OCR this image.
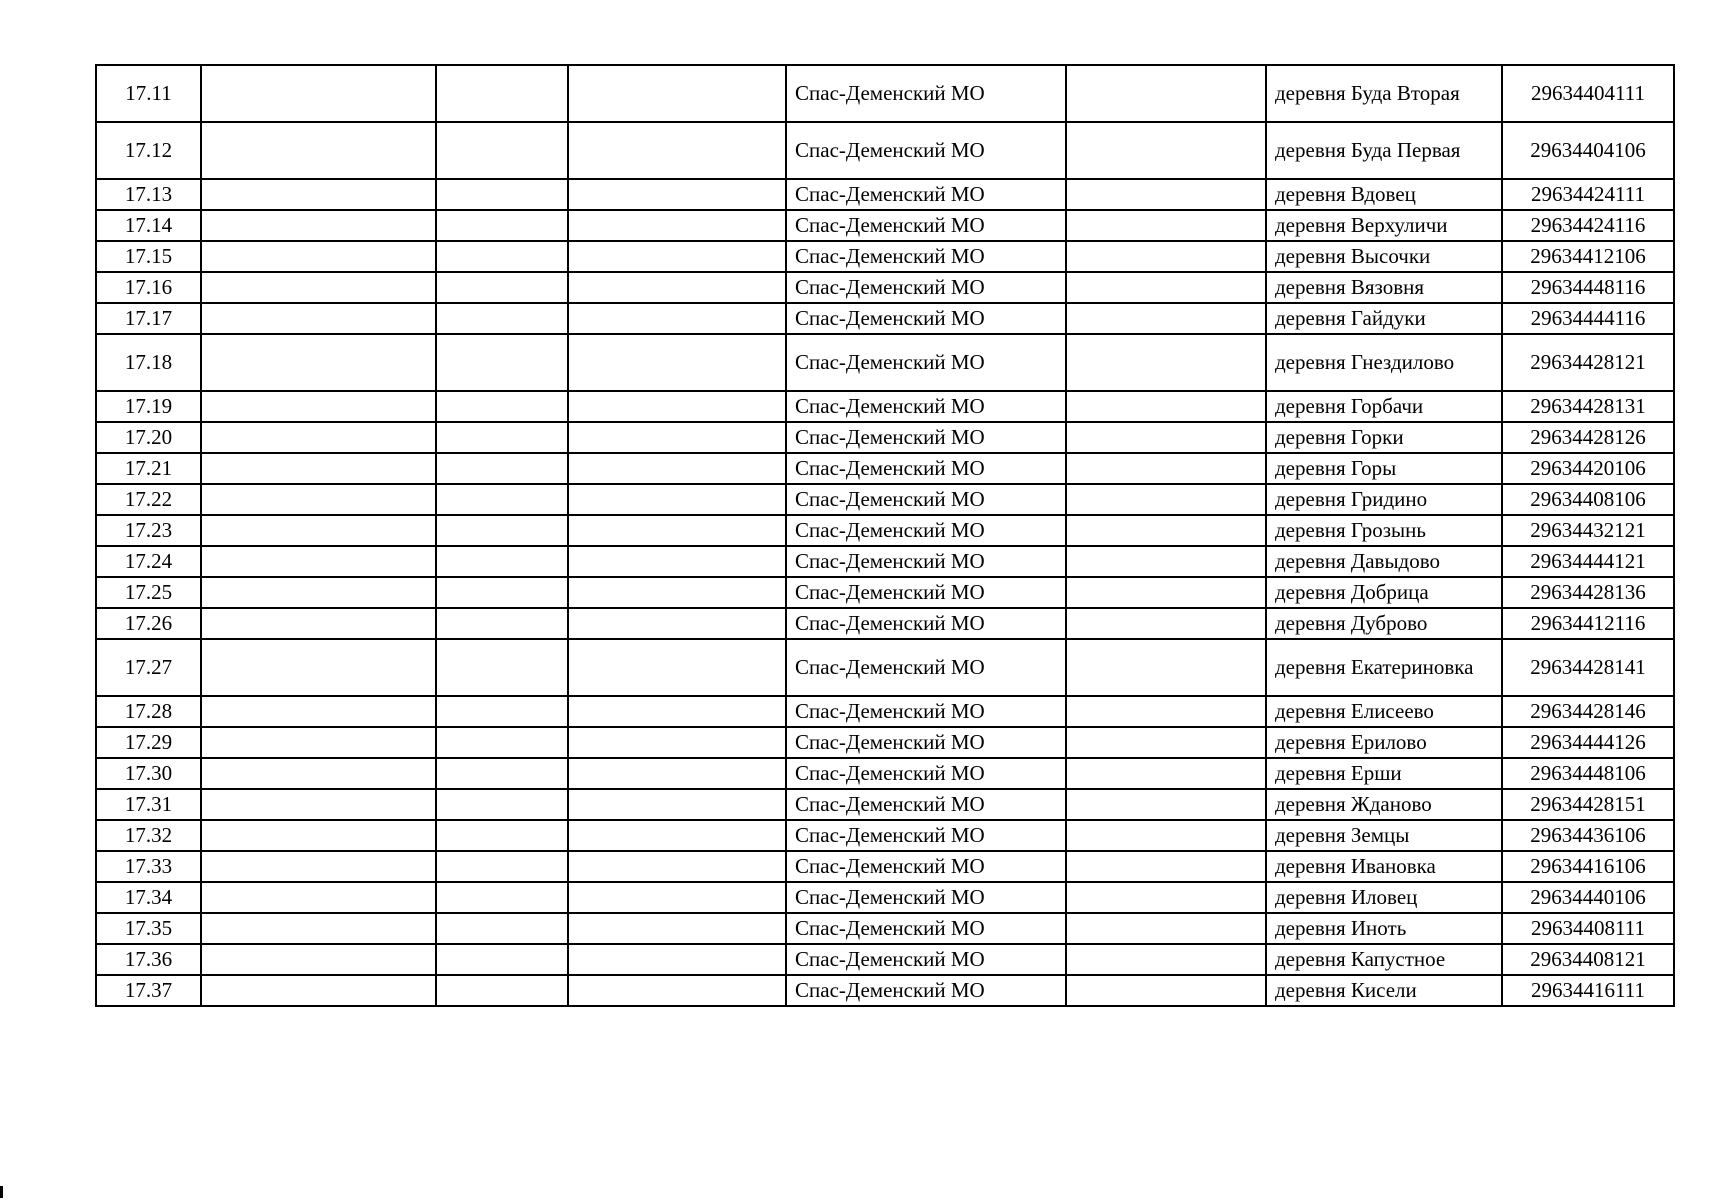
17.11				Спас-Деменский МО		деревня Буда Вторая	29634404111
17.12				Спас-Деменский МО		деревня Буда Первая	29634404106
17.13				Спас-Деменский МО		деревня Вдовец	29634424111
17.14				Спас-Деменский МО		деревня Верхуличи	29634424116
17.15				Спас-Деменский МО		деревня Высочки	29634412106
17.16				Спас-Деменский МО		деревня Вязовня	29634448116
17.17				Спас-Деменский МО		деревня Гайдуки	29634444116
17.18				Спас-Деменский МО		деревня Гнездилово	29634428121
17.19				Спас-Деменский МО		деревня Горбачи	29634428131
17.20				Спас-Деменский МО		деревня Горки	29634428126
17.21				Спас-Деменский МО		деревня Горы	29634420106
17.22				Спас-Деменский МО		деревня Гридино	29634408106
17.23				Спас-Деменский МО		деревня Грозынь	29634432121
17.24				Спас-Деменский МО		деревня Давыдово	29634444121
17.25				Спас-Деменский МО		деревня Добрица	29634428136
17.26				Спас-Деменский МО		деревня Дуброво	29634412116
17.27				Спас-Деменский МО		деревня Екатериновка	29634428141
17.28				Спас-Деменский МО		деревня Елисеево	29634428146
17.29				Спас-Деменский МО		деревня Ерилово	29634444126
17.30				Спас-Деменский МО		деревня Ерши	29634448106
17.31				Спас-Деменский МО		деревня Жданово	29634428151
17.32				Спас-Деменский МО		деревня Земцы	29634436106
17.33				Спас-Деменский МО		деревня Ивановка	29634416106
17.34				Спас-Деменский МО		деревня Иловец	29634440106
17.35				Спас-Деменский МО		деревня Иноть	29634408111
17.36				Спас-Деменский МО		деревня Капустное	29634408121
17.37				Спас-Деменский МО		деревня Кисели	29634416111
